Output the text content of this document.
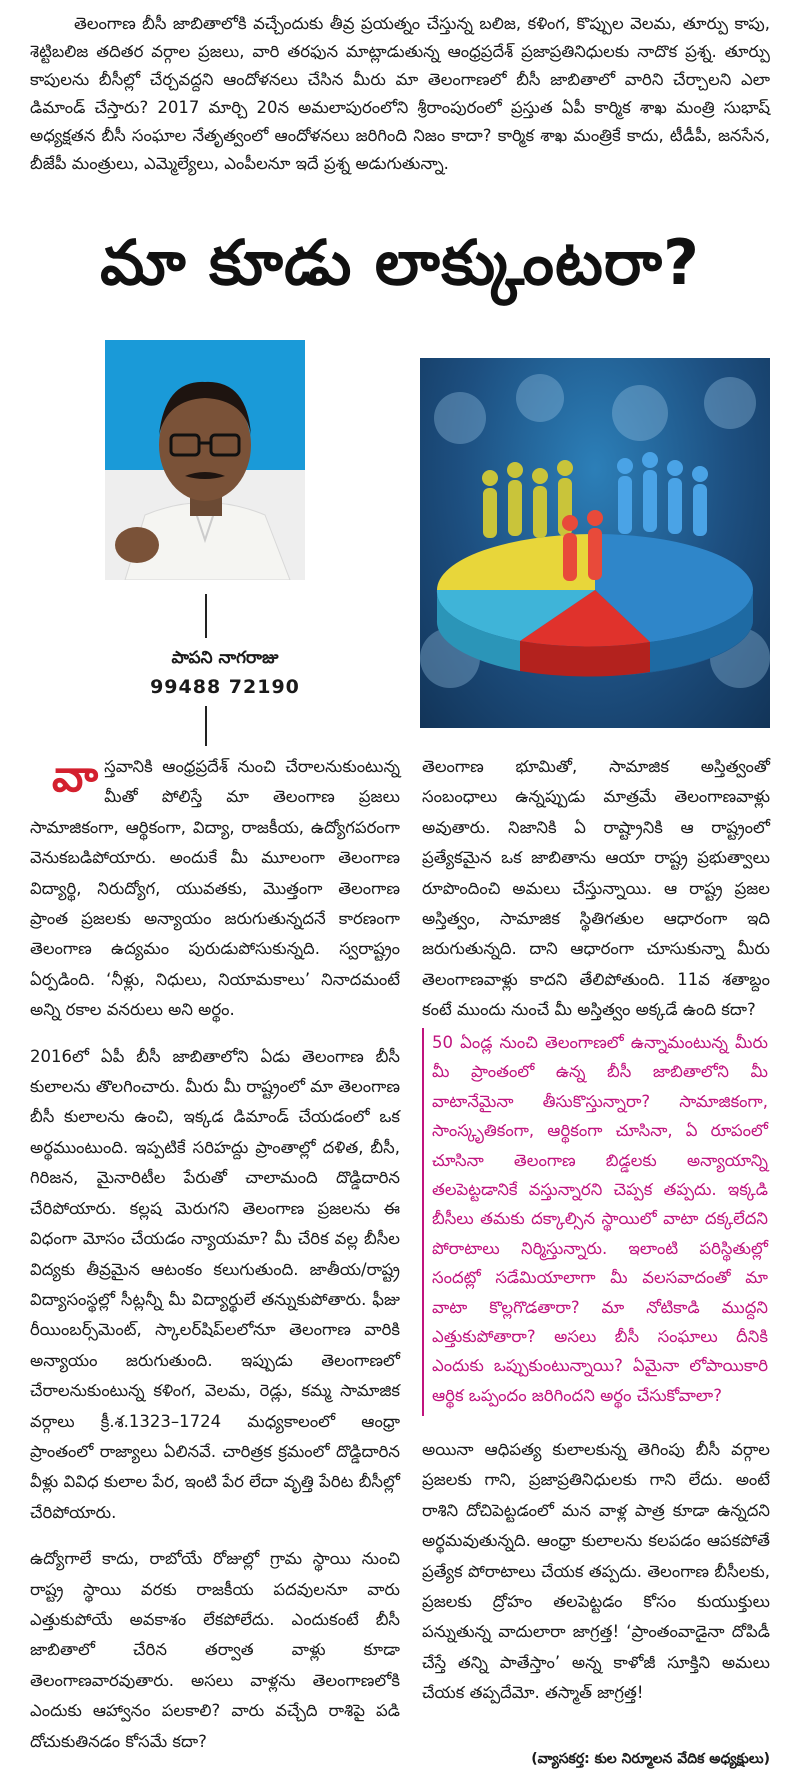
తెలంగాణ బీసీ జాబితాలోకి వచ్చేందుకు తీవ్ర ప్రయత్నం చేస్తున్న బలిజ, కళింగ, కొప్పుల వెలమ, తూర్పు కాపు, శెట్టిబలిజ తదితర వర్గాల ప్రజలు, వారి తరఫున మాట్లాడుతున్న ఆంధ్రప్రదేశ్ ప్రజాప్రతినిధులకు నాదొక ప్రశ్న. తూర్పు కాపులను బీసీల్లో చేర్చవద్దని ఆందోళనలు చేసిన మీరు మా తెలంగాణలో బీసీ జాబితాలో వారిని చేర్చాలని ఎలా డిమాండ్ చేస్తారు? 2017 మార్చి 20న అమలాపురంలోని శ్రీరాంపురంలో ప్రస్తుత ఏపీ కార్మిక శాఖ మంత్రి సుభాష్ అధ్యక్షతన బీసీ సంఘాల నేతృత్వంలో ఆందోళనలు జరిగింది నిజం కాదా? కార్మిక శాఖ మంత్రికే కాదు, టీడీపీ, జనసేన, బీజేపీ మంత్రులు, ఎమ్మెల్యేలు, ఎంపీలనూ ఇదే ప్రశ్న అడుగుతున్నా.
మా కూడు లాక్కుంటరా?
పాపని నాగరాజు
99488 72190

వా స్తవానికి ఆంధ్రప్రదేశ్ నుంచి చేరాలనుకుంటున్న మీతో పోలిస్తే మా తెలంగాణ ప్రజలు సామాజికంగా, ఆర్థికంగా, విద్యా, రాజకీయ, ఉద్యోగపరంగా వెనుకబడిపోయారు. అందుకే మీ మూలంగా తెలంగాణ విద్యార్థి, నిరుద్యోగ, యువతకు, మొత్తంగా తెలంగాణ ప్రాంత ప్రజలకు అన్యాయం జరుగుతున్నదనే కారణంగా తెలంగాణ ఉద్యమం పురుడుపోసుకున్నది. స్వరాష్ట్రం ఏర్పడింది. ‘నీళ్లు, నిధులు, నియామకాలు’ నినాదమంటే అన్ని రకాల వనరులు అని అర్థం.

2016లో ఏపీ బీసీ జాబితాలోని ఏడు తెలంగాణ బీసీ కులాలను తొలగించారు. మీరు మీ రాష్ట్రంలో మా తెలంగాణ బీసీ కులాలను ఉంచి, ఇక్కడ డిమాండ్ చేయడంలో ఒక అర్థముంటుంది. ఇప్పటికే సరిహద్దు ప్రాంతాల్లో దళిత, బీసీ, గిరిజన, మైనారిటీల పేరుతో చాలామంది దొడ్డిదారిన చేరిపోయారు. కల్లష మెరుగని తెలంగాణ ప్రజలను ఈ విధంగా మోసం చేయడం న్యాయమా? మీ చేరిక వల్ల బీసీల విద్యకు తీవ్రమైన ఆటంకం కలుగుతుంది. జాతీయ/రాష్ట్ర విద్యాసంస్థల్లో సీట్లన్నీ మీ విద్యార్థులే తన్నుకుపోతారు. ఫీజు రీయింబర్స్‌మెంట్, స్కాలర్‌షిప్‌లలోనూ తెలంగాణ వారికి అన్యాయం జరుగుతుంది. ఇప్పుడు తెలంగాణలో చేరాలనుకుంటున్న కళింగ, వెలమ, రెడ్లు, కమ్మ సామాజిక వర్గాలు క్రీ.శ.1323–1724 మధ్యకాలంలో ఆంధ్రా ప్రాంతంలో రాజ్యాలు ఏలినవే. చారిత్రక క్రమంలో దొడ్డిదారిన వీళ్లు వివిధ కులాల పేర, ఇంటి పేర లేదా వృత్తి పేరిట బీసీల్లో చేరిపోయారు.

ఉద్యోగాలే కాదు, రాబోయే రోజుల్లో గ్రామ స్థాయి నుంచి రాష్ట్ర స్థాయి వరకు రాజకీయ పదవులనూ వారు ఎత్తుకుపోయే అవకాశం లేకపోలేదు. ఎందుకంటే బీసీ జాబితాలో చేరిన తర్వాత వాళ్లు కూడా తెలంగాణవారవుతారు. అసలు వాళ్లను తెలంగాణలోకి ఎందుకు ఆహ్వానం పలకాలి? వారు వచ్చేది రాశిపై పడి దోచుకుతినడం కోసమే కదా?

తెలంగాణ భూమితో, సామాజిక అస్తిత్వంతో సంబంధాలు ఉన్నప్పుడు మాత్రమే తెలంగాణవాళ్లు అవుతారు. నిజానికి ఏ రాష్ట్రానికి ఆ రాష్ట్రంలో ప్రత్యేకమైన ఒక జాబితాను ఆయా రాష్ట్ర ప్రభుత్వాలు రూపొందించి అమలు చేస్తున్నాయి. ఆ రాష్ట్ర ప్రజల అస్తిత్వం, సామాజిక స్థితిగతుల ఆధారంగా ఇది జరుగుతున్నది. దాని ఆధారంగా చూసుకున్నా మీరు తెలంగాణవాళ్లు కాదని తేలిపోతుంది. 11వ శతాబ్దం కంటే ముందు నుంచే మీ అస్తిత్వం అక్కడే ఉంది కదా?

50 ఏండ్ల నుంచి తెలంగాణలో ఉన్నామంటున్న మీరు మీ ప్రాంతంలో ఉన్న బీసీ జాబితాలోని మీ వాటానేమైనా తీసుకొస్తున్నారా? సామాజికంగా, సాంస్కృతికంగా, ఆర్థికంగా చూసినా, ఏ రూపంలో చూసినా తెలంగాణ బిడ్డలకు అన్యాయాన్ని తలపెట్టడానికే వస్తున్నారని చెప్పక తప్పదు. ఇక్కడి బీసీలు తమకు దక్కాల్సిన స్థాయిలో వాటా దక్కలేదని పోరాటాలు నిర్మిస్తున్నారు. ఇలాంటి పరిస్థితుల్లో సందట్లో సడేమియాలాగా మీ వలసవాదంతో మా వాటా కొల్లగొడతారా? మా నోటికాడి ముద్దని ఎత్తుకుపోతారా? అసలు బీసీ సంఘాలు దీనికి ఎందుకు ఒప్పుకుంటున్నాయి? ఏమైనా లోపాయికారి ఆర్థిక ఒప్పందం జరిగిందని అర్థం చేసుకోవాలా?

అయినా ఆధిపత్య కులాలకున్న తెగింపు బీసీ వర్గాల ప్రజలకు గాని, ప్రజాప్రతినిధులకు గాని లేదు. అంటే రాశిని దోచిపెట్టడంలో మన వాళ్ల పాత్ర కూడా ఉన్నదని అర్థమవుతున్నది. ఆంధ్రా కులాలను కలపడం ఆపకపోతే ప్రత్యేక పోరాటాలు చేయక తప్పదు. తెలంగాణ బీసీలకు, ప్రజలకు ద్రోహం తలపెట్టడం కోసం కుయుక్తులు పన్నుతున్న వాదులారా జాగ్రత్త! ‘ప్రాంతంవాడైనా దోపిడీ చేస్తే తన్ని పాతేస్తాం’ అన్న కాళోజీ సూక్తిని అమలు చేయక తప్పదేమో. తస్మాత్ జాగ్రత్త!

(వ్యాసకర్త: కుల నిర్మూలన వేదిక అధ్యక్షులు)
